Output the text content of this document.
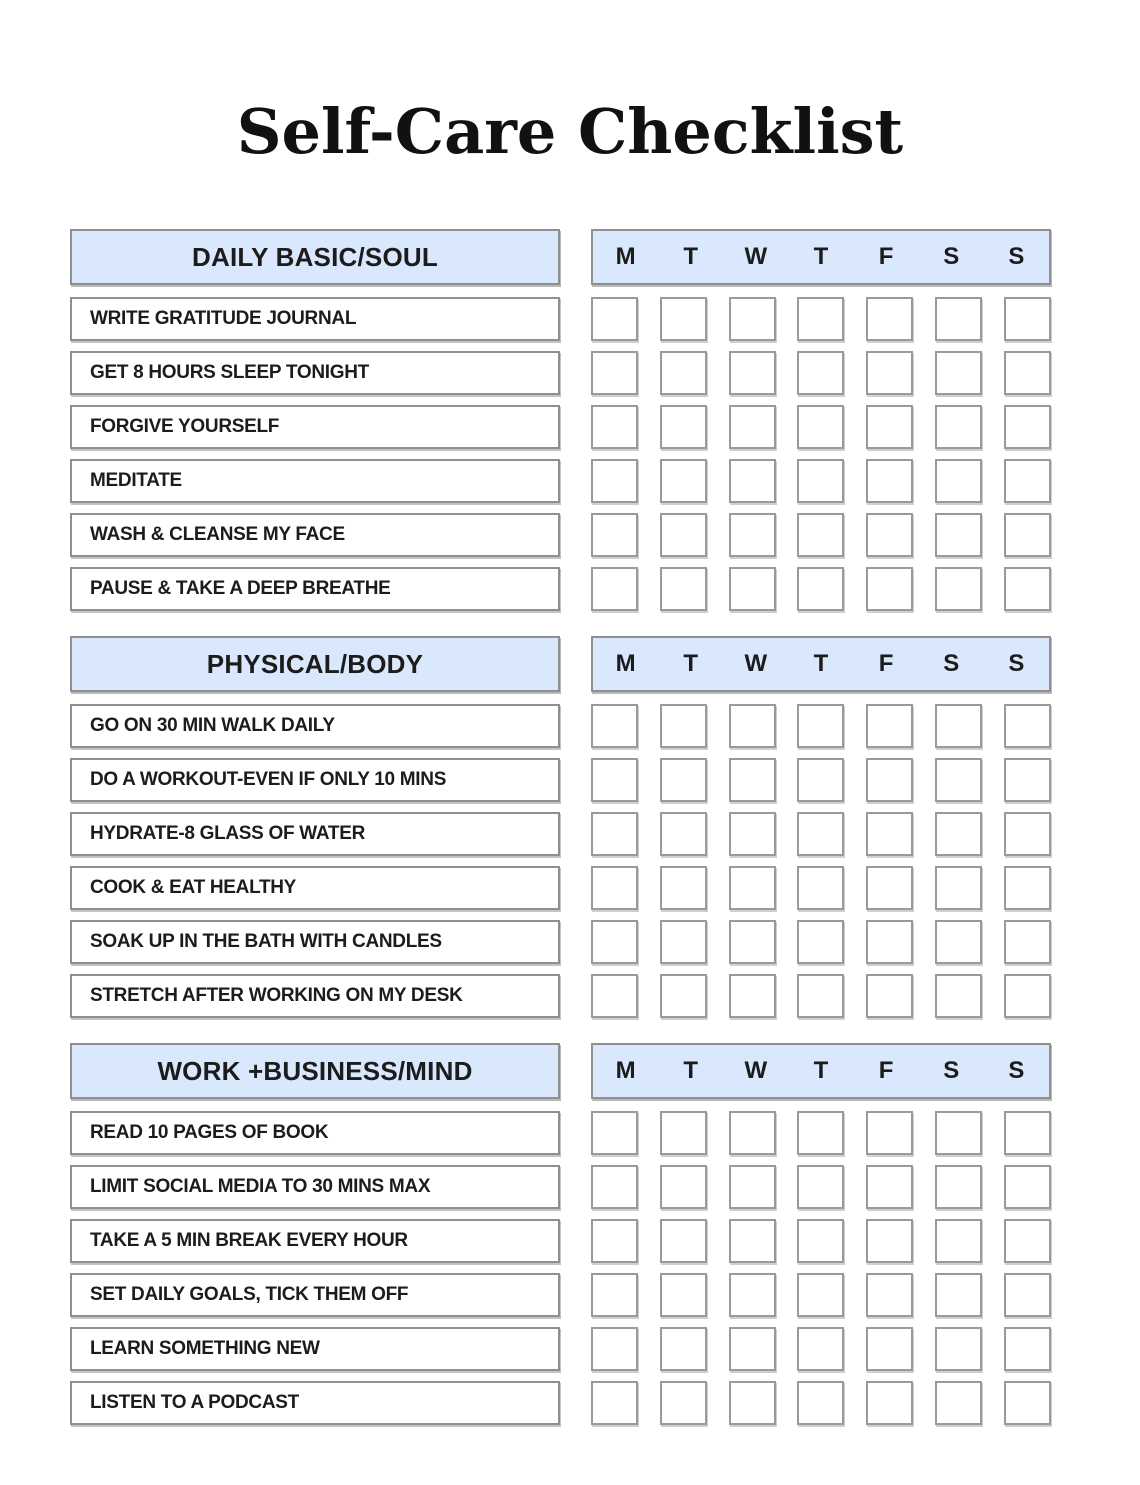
Self-Care Checklist
DAILY BASIC/SOUL	M	T	W	T	F	S	S
WRITE GRATITUDE JOURNAL
GET 8 HOURS SLEEP TONIGHT
FORGIVE YOURSELF
MEDITATE
WASH & CLEANSE MY FACE
PAUSE & TAKE A DEEP BREATHE
PHYSICAL/BODY	M	T	W	T	F	S	S
GO ON 30 MIN WALK DAILY
DO A WORKOUT-EVEN IF ONLY 10 MINS
HYDRATE-8 GLASS OF WATER
COOK & EAT HEALTHY
SOAK UP IN THE BATH WITH CANDLES
STRETCH AFTER WORKING ON MY DESK
WORK +BUSINESS/MIND	M	T	W	T	F	S	S
READ 10 PAGES OF BOOK
LIMIT SOCIAL MEDIA TO 30 MINS MAX
TAKE A 5 MIN BREAK EVERY HOUR
SET DAILY GOALS, TICK THEM OFF
LEARN SOMETHING NEW
LISTEN TO A PODCAST
